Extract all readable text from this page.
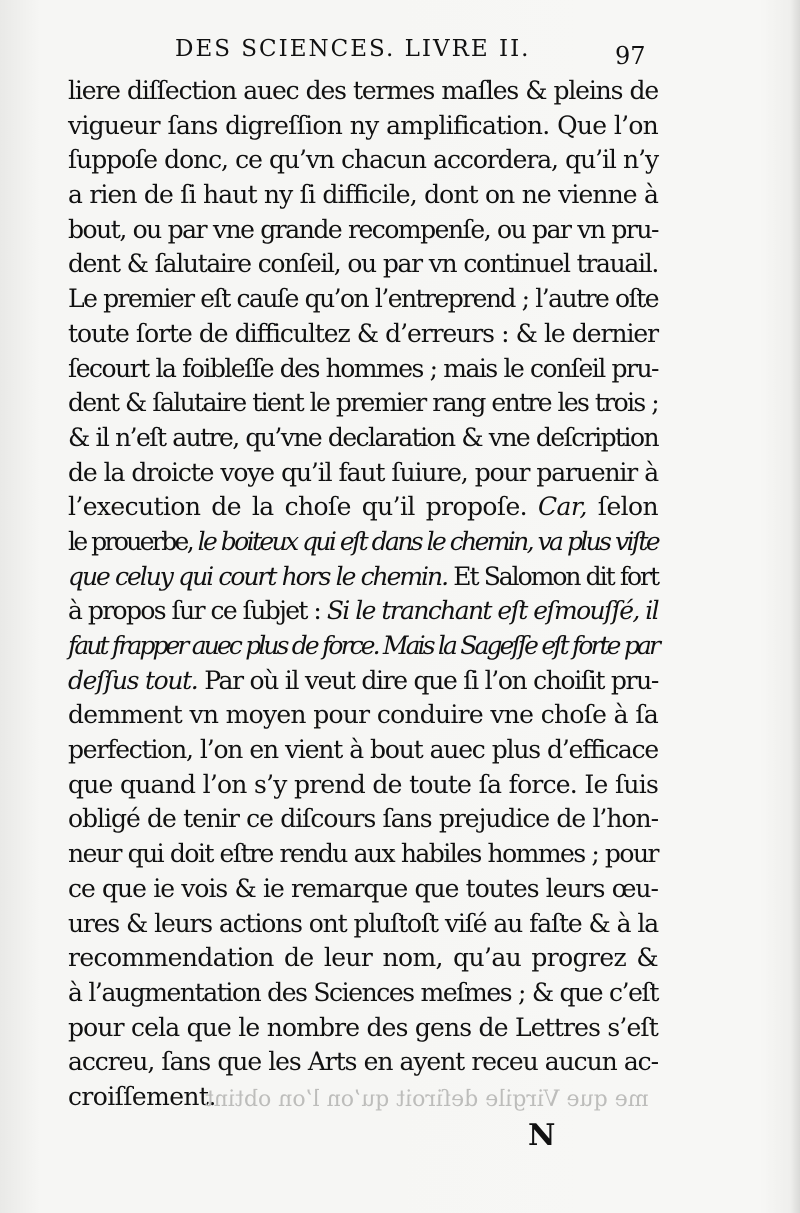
DES SCIENCES. LIVRE II.	97
liere diſſection auec des termes maſles & pleins de
vigueur ſans digreſſion ny amplification. Que l’on
ſuppoſe donc, ce qu’vn chacun accordera, qu’il n’y
a rien de ſi haut ny ſi difficile, dont on ne vienne à
bout, ou par vne grande recompenſe, ou par vn pru-
dent & ſalutaire conſeil, ou par vn continuel trauail.
Le premier eſt cauſe qu’on l’entreprend ; l’autre oſte
toute ſorte de difficultez & d’erreurs : & le dernier
ſecourt la foibleſſe des hommes ; mais le conſeil pru-
dent & ſalutaire tient le premier rang entre les trois ;
& il n’eſt autre, qu’vne declaration & vne deſcription
de la droicte voye qu’il faut ſuiure, pour paruenir à
l’execution de la choſe qu’il propoſe. Car, ſelon
le prouerbe, le boiteux qui eſt dans le chemin, va plus viſte
que celuy qui court hors le chemin. Et Salomon dit fort
à propos ſur ce ſubjet : Si le tranchant eſt eſmouſſé, il
faut frapper auec plus de force. Mais la Sageſſe eſt forte par
deſſus tout. Par où il veut dire que ſi l’on choiſit pru-
demment vn moyen pour conduire vne choſe à ſa
perfection, l’on en vient à bout auec plus d’efficace
que quand l’on s’y prend de toute ſa force. Ie ſuis
obligé de tenir ce diſcours ſans prejudice de l’hon-
neur qui doit eſtre rendu aux habiles hommes ; pour
ce que ie vois & ie remarque que toutes leurs œu-
ures & leurs actions ont pluſtoſt viſé au faſte & à la
recommendation de leur nom, qu’au progrez &
à l’augmentation des Sciences meſmes ; & que c’eſt
pour cela que le nombre des gens de Lettres s’eſt
accreu, ſans que les Arts en ayent receu aucun ac-
croiſſement.
me que Virgile deſiroit qu’on l’on obtint
N
